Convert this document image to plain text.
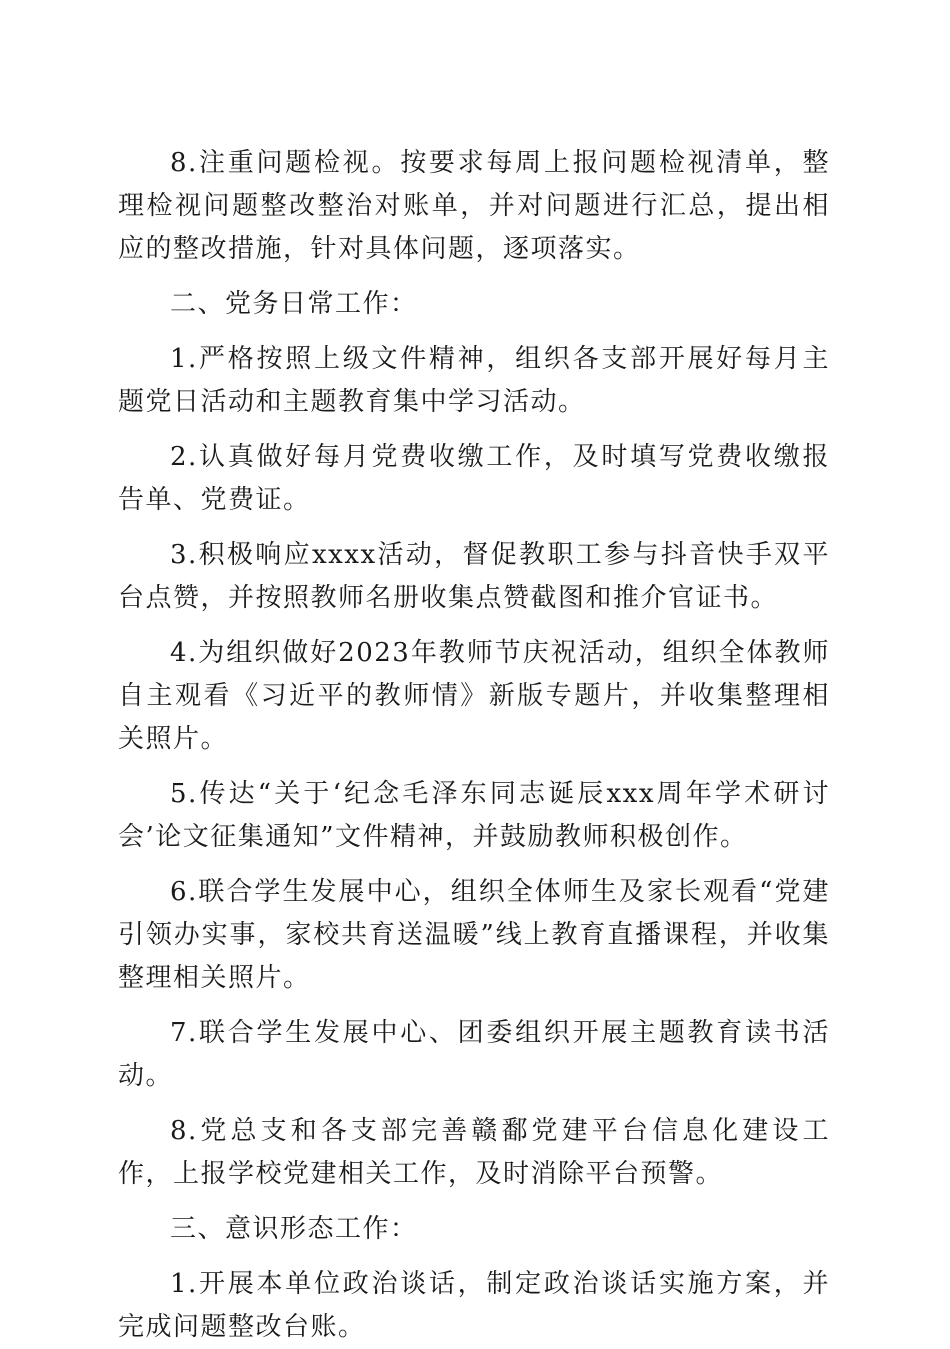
8.注重问题检视。按要求每周上报问题检视清单，整理检视问题整改整治对账单，并对问题进行汇总，提出相应的整改措施，针对具体问题，逐项落实。

二、党务日常工作：

1.严格按照上级文件精神，组织各支部开展好每月主题党日活动和主题教育集中学习活动。

2.认真做好每月党费收缴工作，及时填写党费收缴报告单、党费证。

3.积极响应xxxx活动，督促教职工参与抖音快手双平台点赞，并按照教师名册收集点赞截图和推介官证书。

4.为组织做好2023年教师节庆祝活动，组织全体教师自主观看《习近平的教师情》新版专题片，并收集整理相关照片。

5.传达“关于‘纪念毛泽东同志诞辰xxx周年学术研讨会’论文征集通知”文件精神，并鼓励教师积极创作。

6.联合学生发展中心，组织全体师生及家长观看“党建引领办实事，家校共育送温暖”线上教育直播课程，并收集整理相关照片。

7.联合学生发展中心、团委组织开展主题教育读书活动。

8.党总支和各支部完善赣鄱党建平台信息化建设工作，上报学校党建相关工作，及时消除平台预警。

三、意识形态工作：

1.开展本单位政治谈话，制定政治谈话实施方案，并完成问题整改台账。
